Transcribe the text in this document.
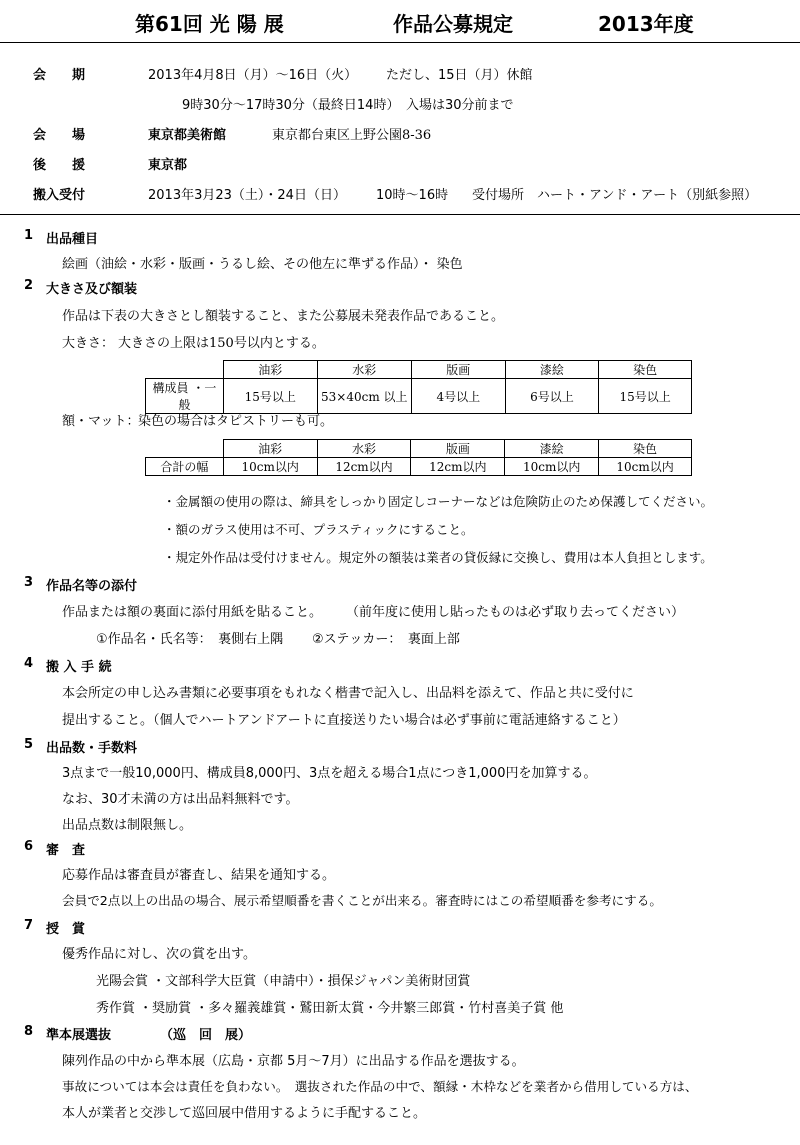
第61回 光 陽 展	作品公募規定	2013年度
会　　期	2013年4月8日（月）～16日（火） ただし、15日（月）休館
9時30分～17時30分（最終日14時）　入場は30分前まで
会　　場	東京都美術館	東京都台東区上野公園8-36
後　　援	東京都
搬入受付	2013年3月23（土）・24日（日） 10時～16時 受付場所　ハート・アンド・アート（別紙参照）
1 出品種目
絵画（油絵・水彩・版画・うるし絵、その他左に準ずる作品）・ 染色
2 大きさ及び額装
作品は下表の大きさとし額装すること、また公募展未発表作品であること。
大きさ： 大きさの上限は150号以内とする。
	油彩	水彩	版画	漆絵	染色
構成員 ・一 般	15号以上	53×40cm 以上	4号以上	6号以上	15号以上
額・マット：
染色の場合はタピストリーも可。
	油彩	水彩	版画	漆絵	染色
合計の幅	10cm以内	12cm以内	12cm以内	10cm以内	10cm以内
・金属額の使用の際は、締具をしっかり固定しコーナーなどは危険防止のため保護してください。
・額のガラス使用は不可、プラスティックにすること。
・規定外作品は受付けません。規定外の額装は業者の貸仮縁に交換し、費用は本人負担とします。
3 作品名等の添付
作品または額の裏面に添付用紙を貼ること。 （前年度に使用し貼ったものは必ず取り去ってください）
①作品名・氏名等：　裏側右上隅 ②ステッカー：　裏面上部
4 搬 入 手 続
本会所定の申し込み書類に必要事項をもれなく楷書で記入し、出品料を添えて、作品と共に受付に
提出すること。（個人でハートアンドアートに直接送りたい場合は必ず事前に電話連絡すること）
5 出品数・手数料
3点まで一般10,000円、構成員8,000円、3点を超える場合1点につき1,000円を加算する。
なお、30才未満の方は出品料無料です。
出品点数は制限無し。
6 審　査
応募作品は審査員が審査し、結果を通知する。
会員で2点以上の出品の場合、展示希望順番を書くことが出来る。審査時にはこの希望順番を参考にする。
7 授　賞
優秀作品に対し、次の賞を出す。
光陽会賞 ・文部科学大臣賞（申請中）・損保ジャパン美術財団賞
秀作賞 ・奨励賞 ・多々羅義雄賞・鷲田新太賞・今井繁三郎賞・竹村喜美子賞 他
8 準本展選抜	（巡　回　展）
陳列作品の中から準本展（広島・京都 5月～7月）に出品する作品を選抜する。
事故については本会は責任を負わない。　選抜された作品の中で、額縁・木枠などを業者から借用している方は、
本人が業者と交渉して巡回展中借用するように手配すること。
